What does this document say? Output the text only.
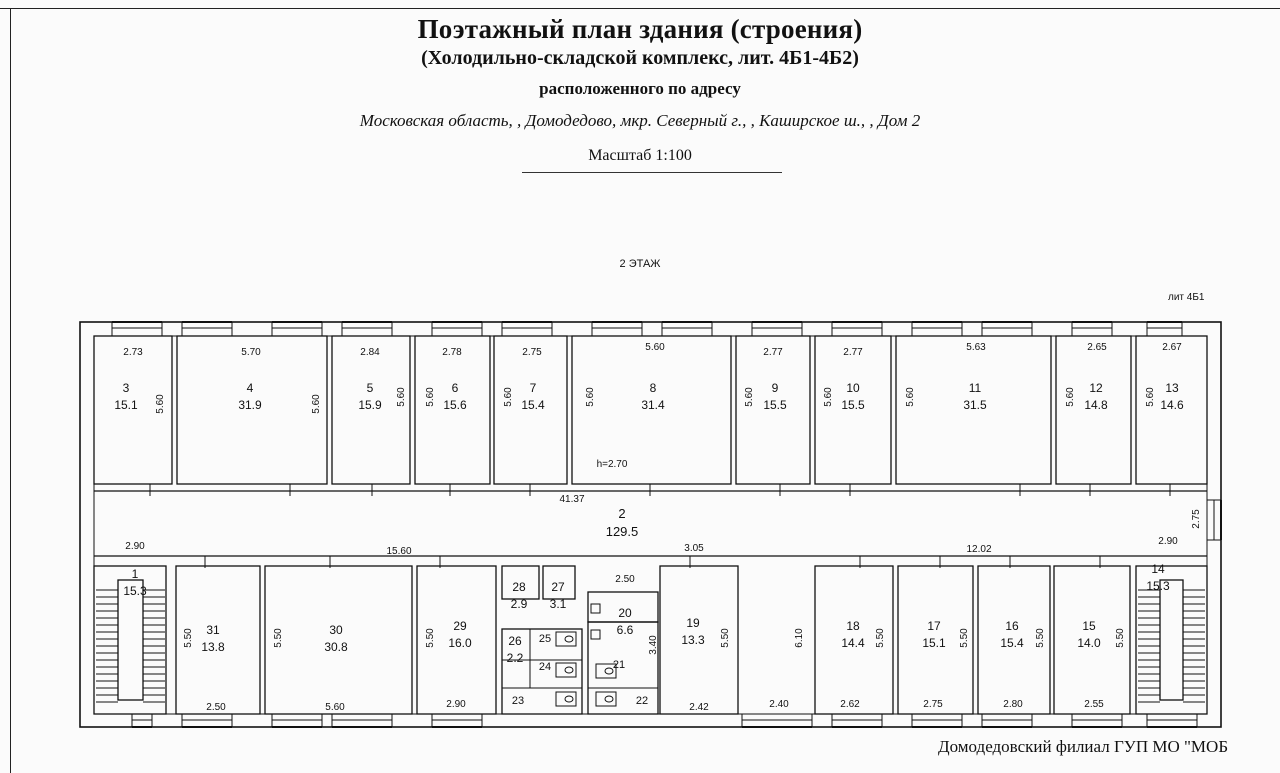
Поэтажный план здания (строения)
(Холодильно-складской комплекс, лит. 4Б1-4Б2)
расположенного по адресу
Московская область, , Домодедово, мкр. Северный г., , Каширское ш., , Дом 2
Масштаб 1:100
2 ЭТАЖ
лит 4Б1
3
15.1
4
31.9
5
15.9
6
15.6
7
15.4
8
31.4
9
15.5
10
15.5
11
31.5
12
14.8
13
14.6
1
15.3
31
13.8
30
30.8
29
16.0
28
2.9
27
3.1
26
2.2
20
6.6	19
13.3
18
14.4
17
15.1
16
15.4
15
14.0
14
15.3
2
129.5
25
24
23
21
22
2.73	5.70	2.84	2.78	2.75	5.60	2.77	2.77	5.63	2.65	2.67
5.60	5.60	5.60 5.60	5.60	5.60	5.60	5.60	5.60	5.60	5.60
h=2.70
41.37
2.75
2.90	15.60	3.05
2.50
12.02
2.90
5.50	5.50	5.50	3.40	5.50	6.10	5.50	5.50	5.50	5.50
2.50	5.60	2.90	2.42	2.40	2.62	2.75	2.80	2.55
Домодедовский филиал ГУП МО "МОБ
